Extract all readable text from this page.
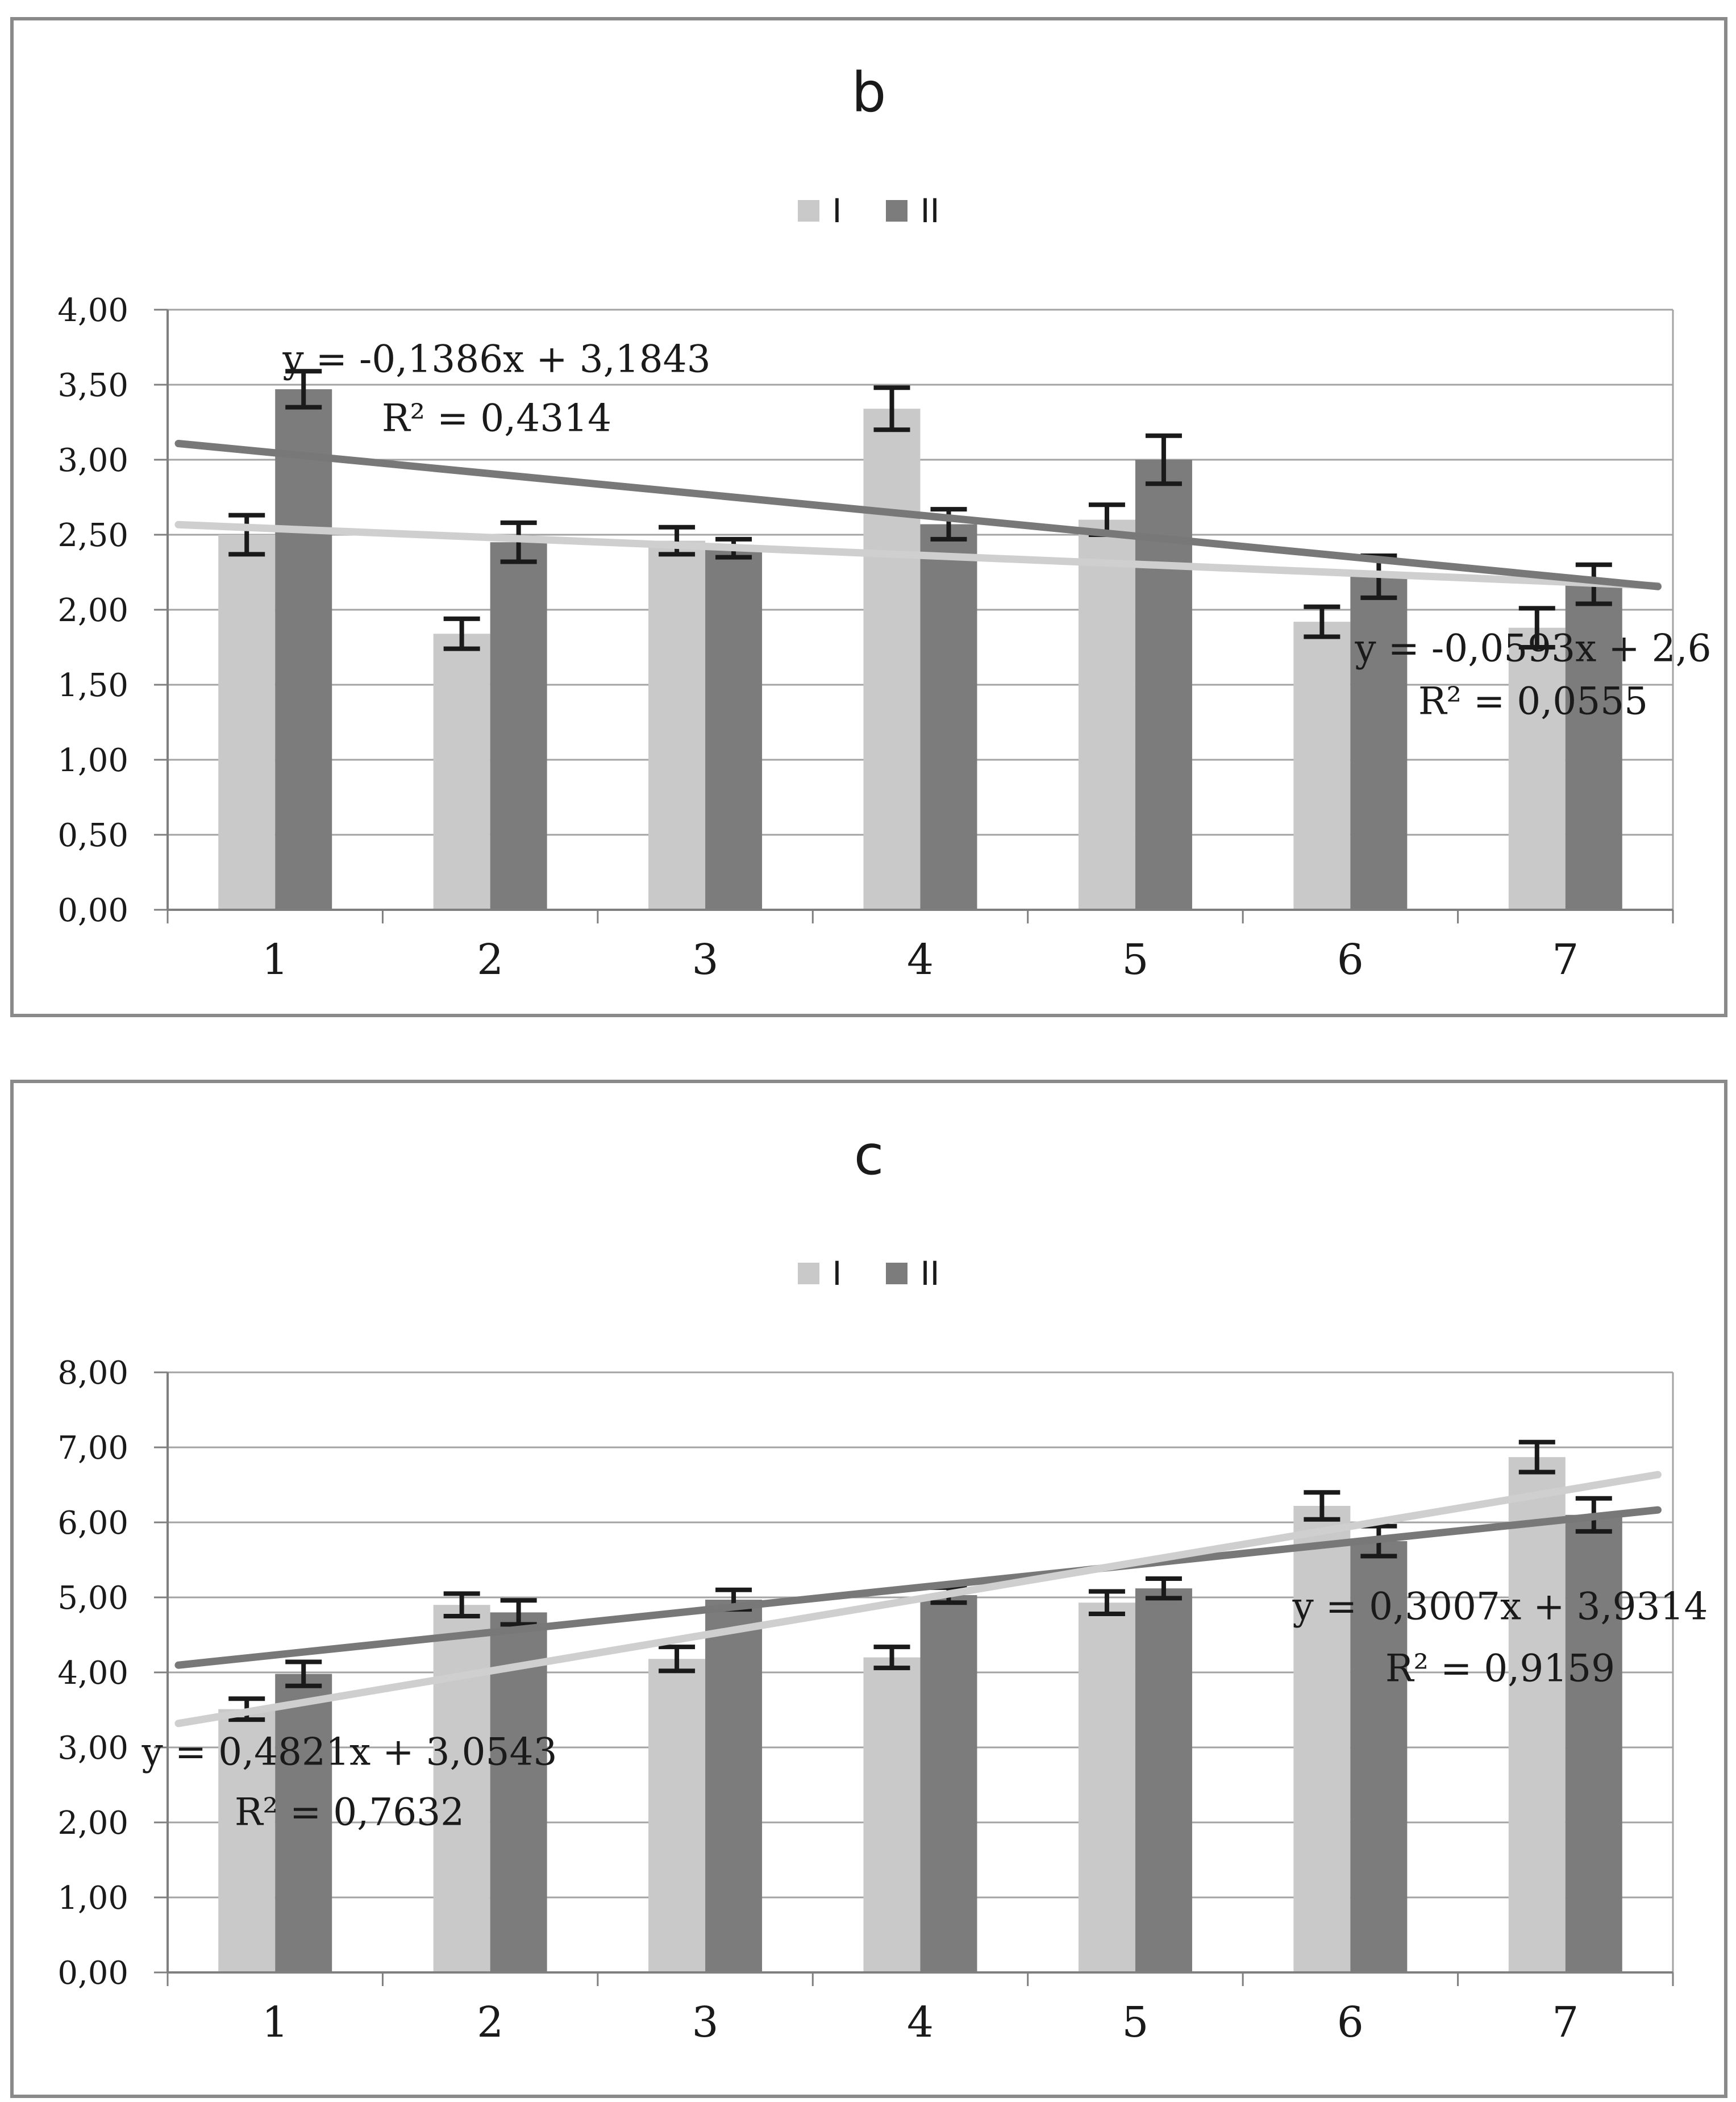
4,00
3,50
3,00
2,50
2,00
1,50
1,00
0,50
0,00
1	2	3	4	5	6	7
b
I II
y = -0,0593x + 2,6
R² = 0,0555
y = -0,1386x + 3,1843
R² = 0,4314
8,00
7,00
6,00
5,00
4,00
3,00
2,00
1,00
0,00
1	2	3	4	5	6	7
c
I II
y = 0,3007x + 3,9314
R² = 0,9159
y = 0,4821x + 3,0543
R² = 0,7632
